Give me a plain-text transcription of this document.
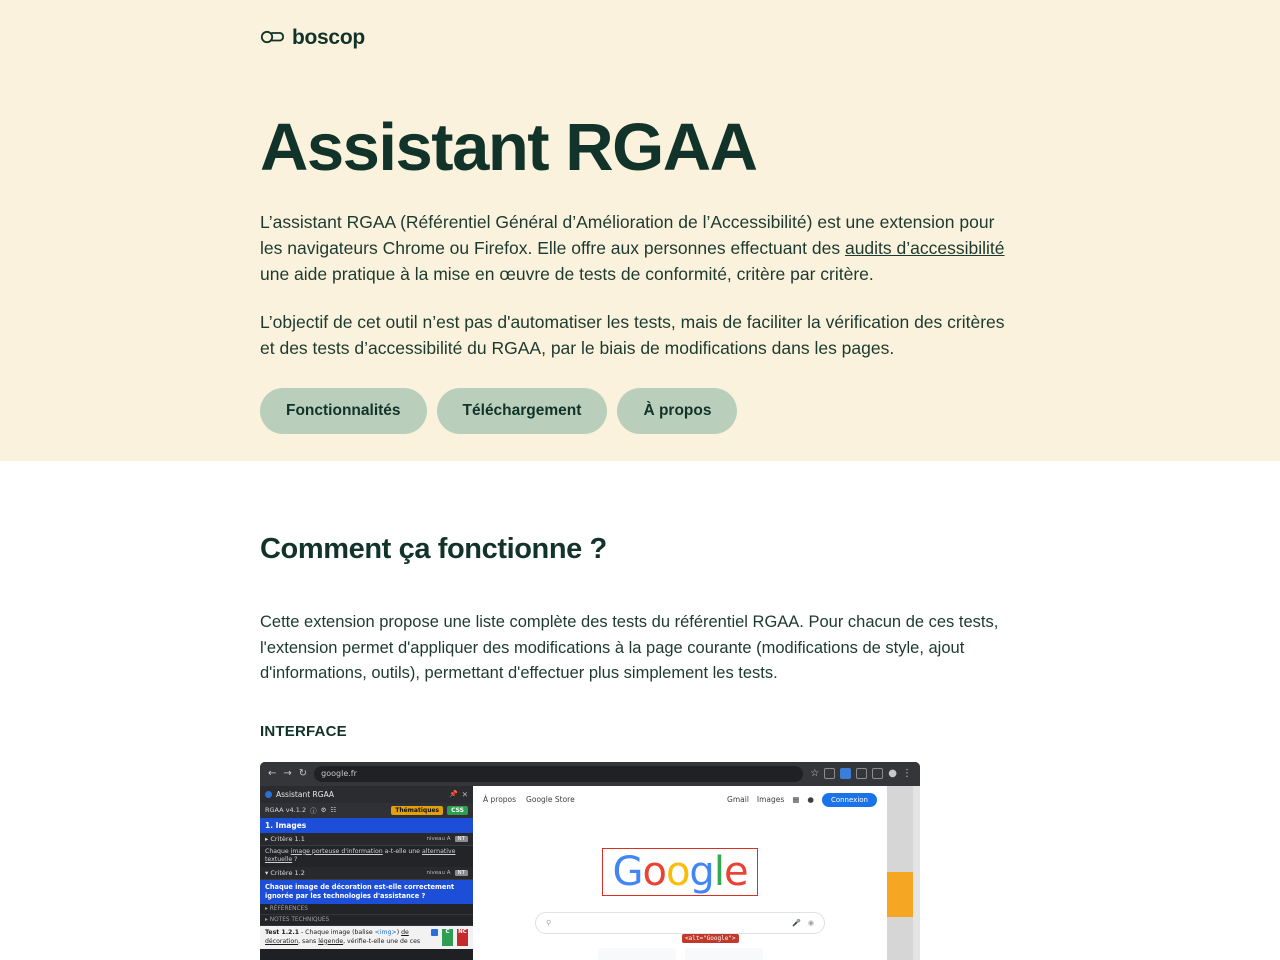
boscop
Assistant RGAA

L’assistant RGAA (Référentiel Général d’Amélioration de l’Accessibilité) est une extension pour les navigateurs Chrome ou Firefox. Elle offre aux personnes effectuant des audits d’accessibilité une aide pratique à la mise en œuvre de tests de conformité, critère par critère.

L’objectif de cet outil n’est pas d'automatiser les tests, mais de faciliter la vérification des critères et des tests d’accessibilité du RGAA, par le biais de modifications dans les pages.

Fonctionnalités	Téléchargement	À propos
Comment ça fonctionne ?

Cette extension propose une liste complète des tests du référentiel RGAA. Pour chacun de ces tests, l'extension permet d'appliquer des modifications à la page courante (modifications de style, ajout d'informations, outils), permettant d'effectuer plus simplement les tests.

INTERFACE
← → ↻ google.fr	☆	● ⋮
Assistant RGAA	📌 ✕
RGAA v4.1.2 ⓘ ⚙ ☷	Thématiques	CSS
1. Images
▸ Critère 1.1	niveau A	NT
Chaque image porteuse d'information a-t-elle une alternative textuelle ?
▾ Critère 1.2	niveau A	NT
Chaque image de décoration est-elle correctement ignorée par les technologies d'assistance ?
▸ RÉFÉRENCES
▸ NOTES TECHNIQUES
Test 1.2.1 - Chaque image (balise <img>) de décoration, sans légende, vérifie-t-elle une de ces
C	NC
À propos Google Store	Gmail Images ▦ ●	Connexion
Google
<alt="Google">
⚲	🎤 ◉
